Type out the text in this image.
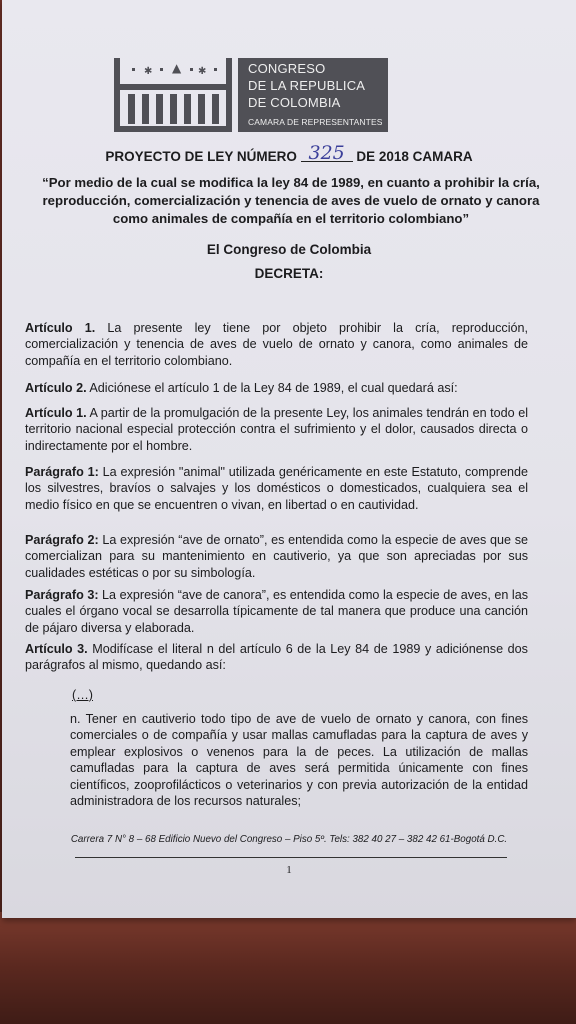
✱ ▲ ✱	CONGRESO
DE LA REPUBLICA
DE COLOMBIA
CAMARA DE REPRESENTANTES
PROYECTO DE LEY NÚMERO 325 DE 2018 CAMARA
“Por medio de la cual se modifica la ley 84 de 1989, en cuanto a prohibir la cría, reproducción, comercialización y tenencia de aves de vuelo de ornato y canora como animales de compañía en el territorio colombiano”
El Congreso de Colombia
DECRETA:
Artículo 1. La presente ley tiene por objeto prohibir la cría, reproducción, comercialización y tenencia de aves de vuelo de ornato y canora, como animales de compañía en el territorio colombiano.
Artículo 2. Adiciónese el artículo 1 de la Ley 84 de 1989, el cual quedará así:
Artículo 1. A partir de la promulgación de la presente Ley, los animales tendrán en todo el territorio nacional especial protección contra el sufrimiento y el dolor, causados directa o indirectamente por el hombre.
Parágrafo 1: La expresión "animal" utilizada genéricamente en este Estatuto, comprende los silvestres, bravíos o salvajes y los domésticos o domesticados, cualquiera sea el medio físico en que se encuentren o vivan, en libertad o en cautividad.
Parágrafo 2: La expresión “ave de ornato”, es entendida como la especie de aves que se comercializan para su mantenimiento en cautiverio, ya que son apreciadas por sus cualidades estéticas o por su simbología.
Parágrafo 3: La expresión “ave de canora”, es entendida como la especie de aves, en las cuales el órgano vocal se desarrolla típicamente de tal manera que produce una canción de pájaro diversa y elaborada.
Artículo 3. Modifícase el literal n del artículo 6 de la Ley 84 de 1989 y adiciónense dos parágrafos al mismo, quedando así:
(…)
n. Tener en cautiverio todo tipo de ave de vuelo de ornato y canora, con fines comerciales o de compañía y usar mallas camufladas para la captura de aves y emplear explosivos o venenos para la de peces. La utilización de mallas camufladas para la captura de aves será permitida únicamente con fines científicos, zooprofilácticos o veterinarios y con previa autorización de la entidad administradora de los recursos naturales;
Carrera 7 N° 8 – 68 Edificio Nuevo del Congreso – Piso 5º. Tels: 382 40 27 – 382 42 61-Bogotá D.C.
1
